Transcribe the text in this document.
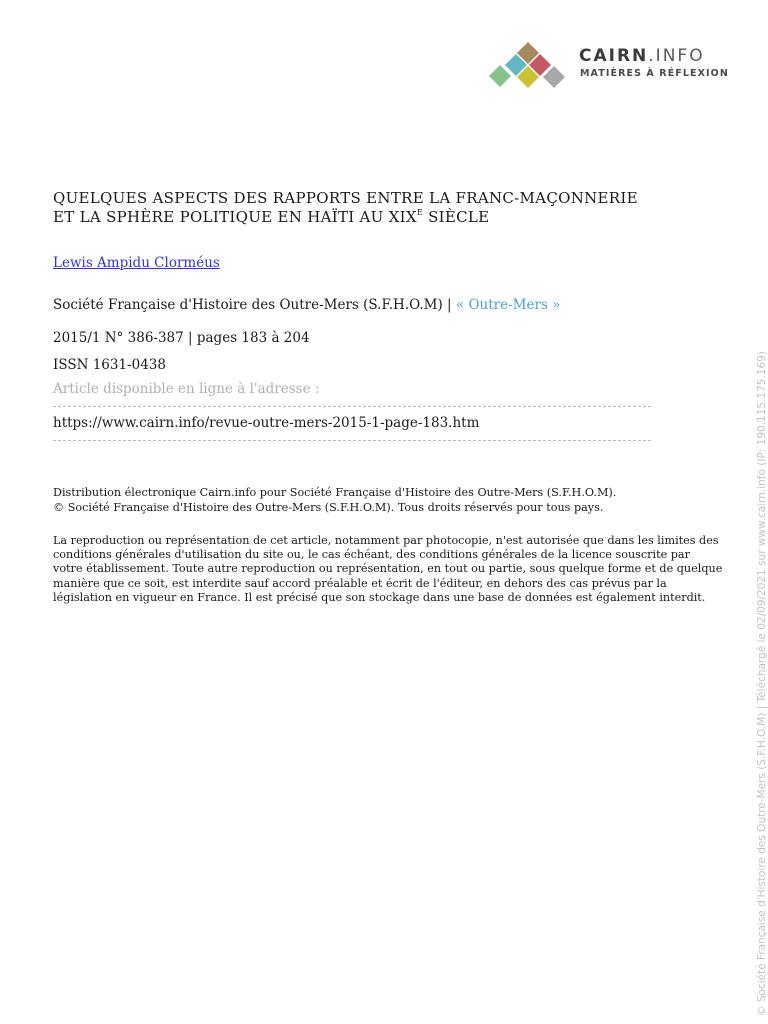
CAIRN.INFO
MATIÈRES À RÉFLEXION
QUELQUES ASPECTS DES RAPPORTS ENTRE LA FRANC-MAÇONNERIE
ET LA SPHÈRE POLITIQUE EN HAÏTI AU $XIX^E$ SIÈCLE
Lewis Ampidu Clorméus
Société Française d'Histoire des Outre-Mers (S.F.H.O.M) | « Outre-Mers »
2015/1 N° 386-387 | pages 183 à 204
ISSN 1631-0438
Article disponible en ligne à l'adresse :
https://www.cairn.info/revue-outre-mers-2015-1-page-183.htm

Distribution électronique Cairn.info pour Société Française d'Histoire des Outre-Mers (S.F.H.O.M).

© Société Française d'Histoire des Outre-Mers (S.F.H.O.M). Tous droits réservés pour tous pays.

La reproduction ou représentation de cet article, notamment par photocopie, n'est autorisée que dans les limites des conditions générales d'utilisation du site ou, le cas échéant, des conditions générales de la licence souscrite par votre établissement. Toute autre reproduction ou représentation, en tout ou partie, sous quelque forme et de quelque manière que ce soit, est interdite sauf accord préalable et écrit de l'éditeur, en dehors des cas prévus par la législation en vigueur en France. Il est précisé que son stockage dans une base de données est également interdit.	© Société Française d'Histoire des Outre-Mers (S.F.H.O.M) | Téléchargé le 02/09/2021 sur www.cairn.info (IP: 190.115.175.169)
